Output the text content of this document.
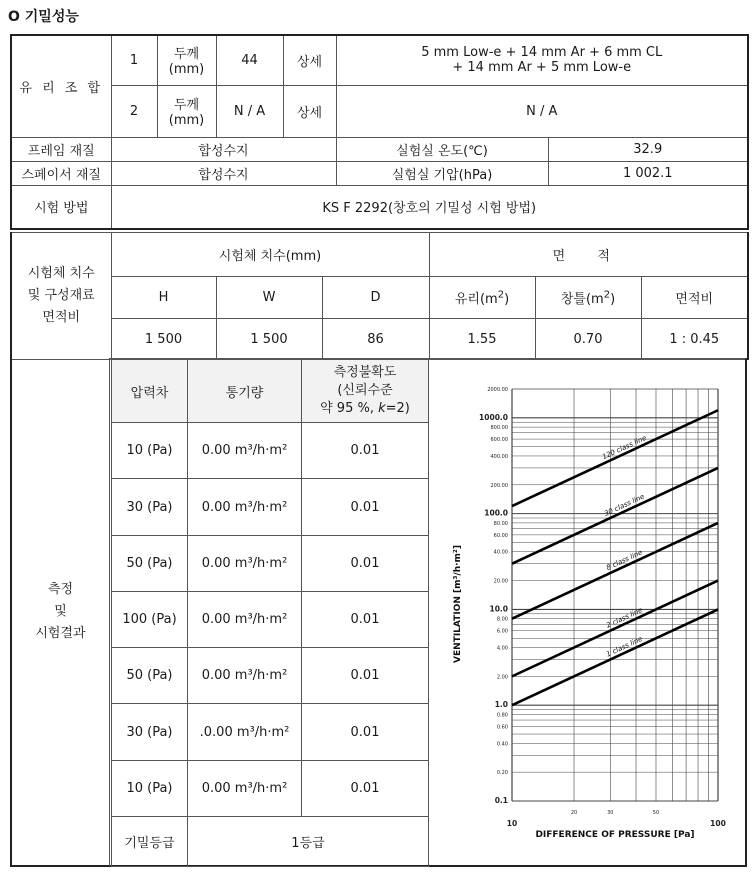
O 기밀성능
유 리 조 합	1	두께(mm)	44	상세	5 mm Low-e + 14 mm Ar + 6 mm CL
+ 14 mm Ar + 5 mm Low-e	

	2	두께(mm)	N / A	상세	N / A	
프레임 재질	합성수지				실험실 온도(℃)	32.9
스페이서 재질	합성수지				실험실 기압(hPa)	1 002.1
시험 방법	KS F 2292(창호의 기밀성 시험 방법)					
시험체 치수
및 구성재료
면적비	시험체 치수(mm)			면 적		
	H	W	D	유리$(m^2)$	창틀$(m^2)$	면적비
	1 500	1 500	86	1.55	0.70	1 : 0.45
측정
및
시험결과
압력차	통기량	측정불확도
(신뢰수준
약 95 %, k=2)

10 (Pa)	0.00 m³/h·m²	0.01
30 (Pa)	0.00 m³/h·m²	0.01
50 (Pa)	0.00 m³/h·m²	0.01
100 (Pa)	0.00 m³/h·m²	0.01
50 (Pa)	0.00 m³/h·m²	0.01
30 (Pa)	.0.00 m³/h·m²	0.01
10 (Pa)	0.00 m³/h·m²	0.01
기밀등급	1등급	
120 class line
30 class line
8 class line
2 class line
1 class line
2000.00
1000.0
800.00
600.00
400.00
200.00
100.0
80.00
60.00
40.00
20.00
10.0
8.00
6.00
4.00
2.00
1.0
0.80
0.60
0.40
0.20
0.1
10
20	30	50
100
VENTILATION [m³/h·m²]
DIFFERENCE OF PRESSURE [Pa]
